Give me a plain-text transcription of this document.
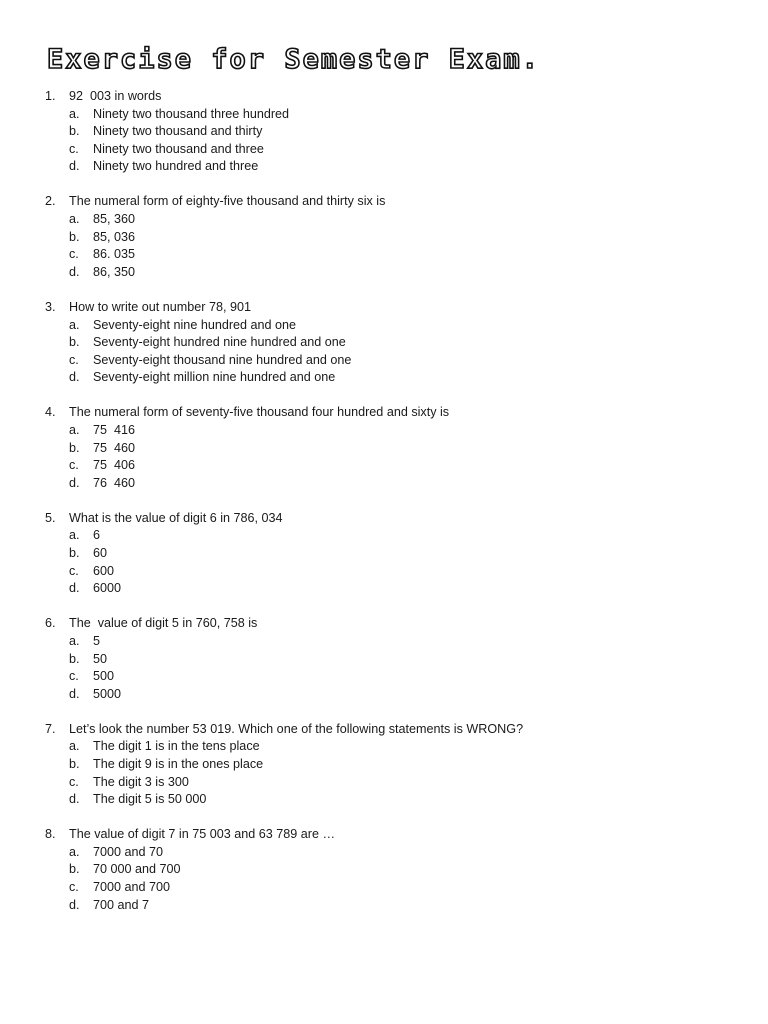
Exercise for Semester Exam.
1. 92  003 in words
a. Ninety two thousand three hundred
b. Ninety two thousand and thirty
c. Ninety two thousand and three
d. Ninety two hundred and three
2. The numeral form of eighty-five thousand and thirty six is
a. 85, 360
b. 85, 036
c. 86. 035
d. 86, 350
3. How to write out number 78, 901
a. Seventy-eight nine hundred and one
b. Seventy-eight hundred nine hundred and one
c. Seventy-eight thousand nine hundred and one
d. Seventy-eight million nine hundred and one
4. The numeral form of seventy-five thousand four hundred and sixty is
a. 75  416
b. 75  460
c. 75  406
d. 76  460
5. What is the value of digit 6 in 786, 034
a. 6
b. 60
c. 600
d. 6000
6. The  value of digit 5 in 760, 758 is
a. 5
b. 50
c. 500
d. 5000
7. Let’s look the number 53 019. Which one of the following statements is WRONG?
a. The digit 1 is in the tens place
b. The digit 9 is in the ones place
c. The digit 3 is 300
d. The digit 5 is 50 000
8. The value of digit 7 in 75 003 and 63 789 are …
a. 7000 and 70
b. 70 000 and 700
c. 7000 and 700
d. 700 and 7
